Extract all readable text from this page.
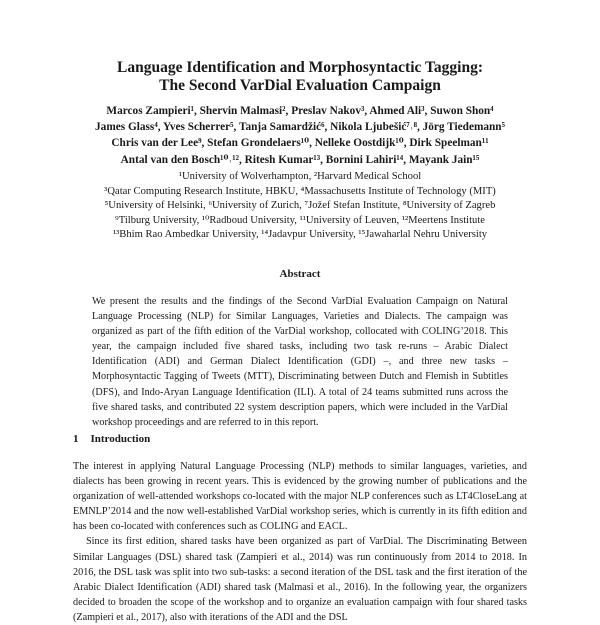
Language Identification and Morphosyntactic Tagging:
The Second VarDial Evaluation Campaign
Marcos Zampieri¹, Shervin Malmasi², Preslav Nakov³, Ahmed Ali³, Suwon Shon⁴
James Glass⁴, Yves Scherrer⁵, Tanja Samardžić⁶, Nikola Ljubešić⁷˒⁸, Jörg Tiedemann⁵
Chris van der Lee⁹, Stefan Grondelaers¹⁰, Nelleke Oostdijk¹⁰, Dirk Speelman¹¹
Antal van den Bosch¹⁰˒¹², Ritesh Kumar¹³, Bornini Lahiri¹⁴, Mayank Jain¹⁵
¹University of Wolverhampton, ²Harvard Medical School
³Qatar Computing Research Institute, HBKU, ⁴Massachusetts Institute of Technology (MIT)
⁵University of Helsinki, ⁶University of Zurich, ⁷Jožef Stefan Institute, ⁸University of Zagreb
⁹Tilburg University, ¹⁰Radboud University, ¹¹University of Leuven, ¹²Meertens Institute
¹³Bhim Rao Ambedkar University, ¹⁴Jadavpur University, ¹⁵Jawaharlal Nehru University
Abstract
We present the results and the findings of the Second VarDial Evaluation Campaign on Natural Language Processing (NLP) for Similar Languages, Varieties and Dialects. The campaign was organized as part of the fifth edition of the VarDial workshop, collocated with COLING’2018. This year, the campaign included five shared tasks, including two task re-runs – Arabic Dialect Identification (ADI) and German Dialect Identification (GDI) –, and three new tasks – Morphosyntactic Tagging of Tweets (MTT), Discriminating between Dutch and Flemish in Subtitles (DFS), and Indo-Aryan Language Identification (ILI). A total of 24 teams submitted runs across the five shared tasks, and contributed 22 system description papers, which were included in the VarDial workshop proceedings and are referred to in this report.
1 Introduction

The interest in applying Natural Language Processing (NLP) methods to similar languages, varieties, and dialects has been growing in recent years. This is evidenced by the growing number of publications and the organization of well-attended workshops co-located with the major NLP conferences such as LT4CloseLang at EMNLP’2014 and the now well-established VarDial workshop series, which is currently in its fifth edition and has been co-located with conferences such as COLING and EACL.

Since its first edition, shared tasks have been organized as part of VarDial. The Discriminating Between Similar Languages (DSL) shared task (Zampieri et al., 2014) was run continuously from 2014 to 2018. In 2016, the DSL task was split into two sub-tasks: a second iteration of the DSL task and the first iteration of the Arabic Dialect Identification (ADI) shared task (Malmasi et al., 2016). In the following year, the organizers decided to broaden the scope of the workshop and to organize an evaluation campaign with four shared tasks (Zampieri et al., 2017), also with iterations of the ADI and the DSL
